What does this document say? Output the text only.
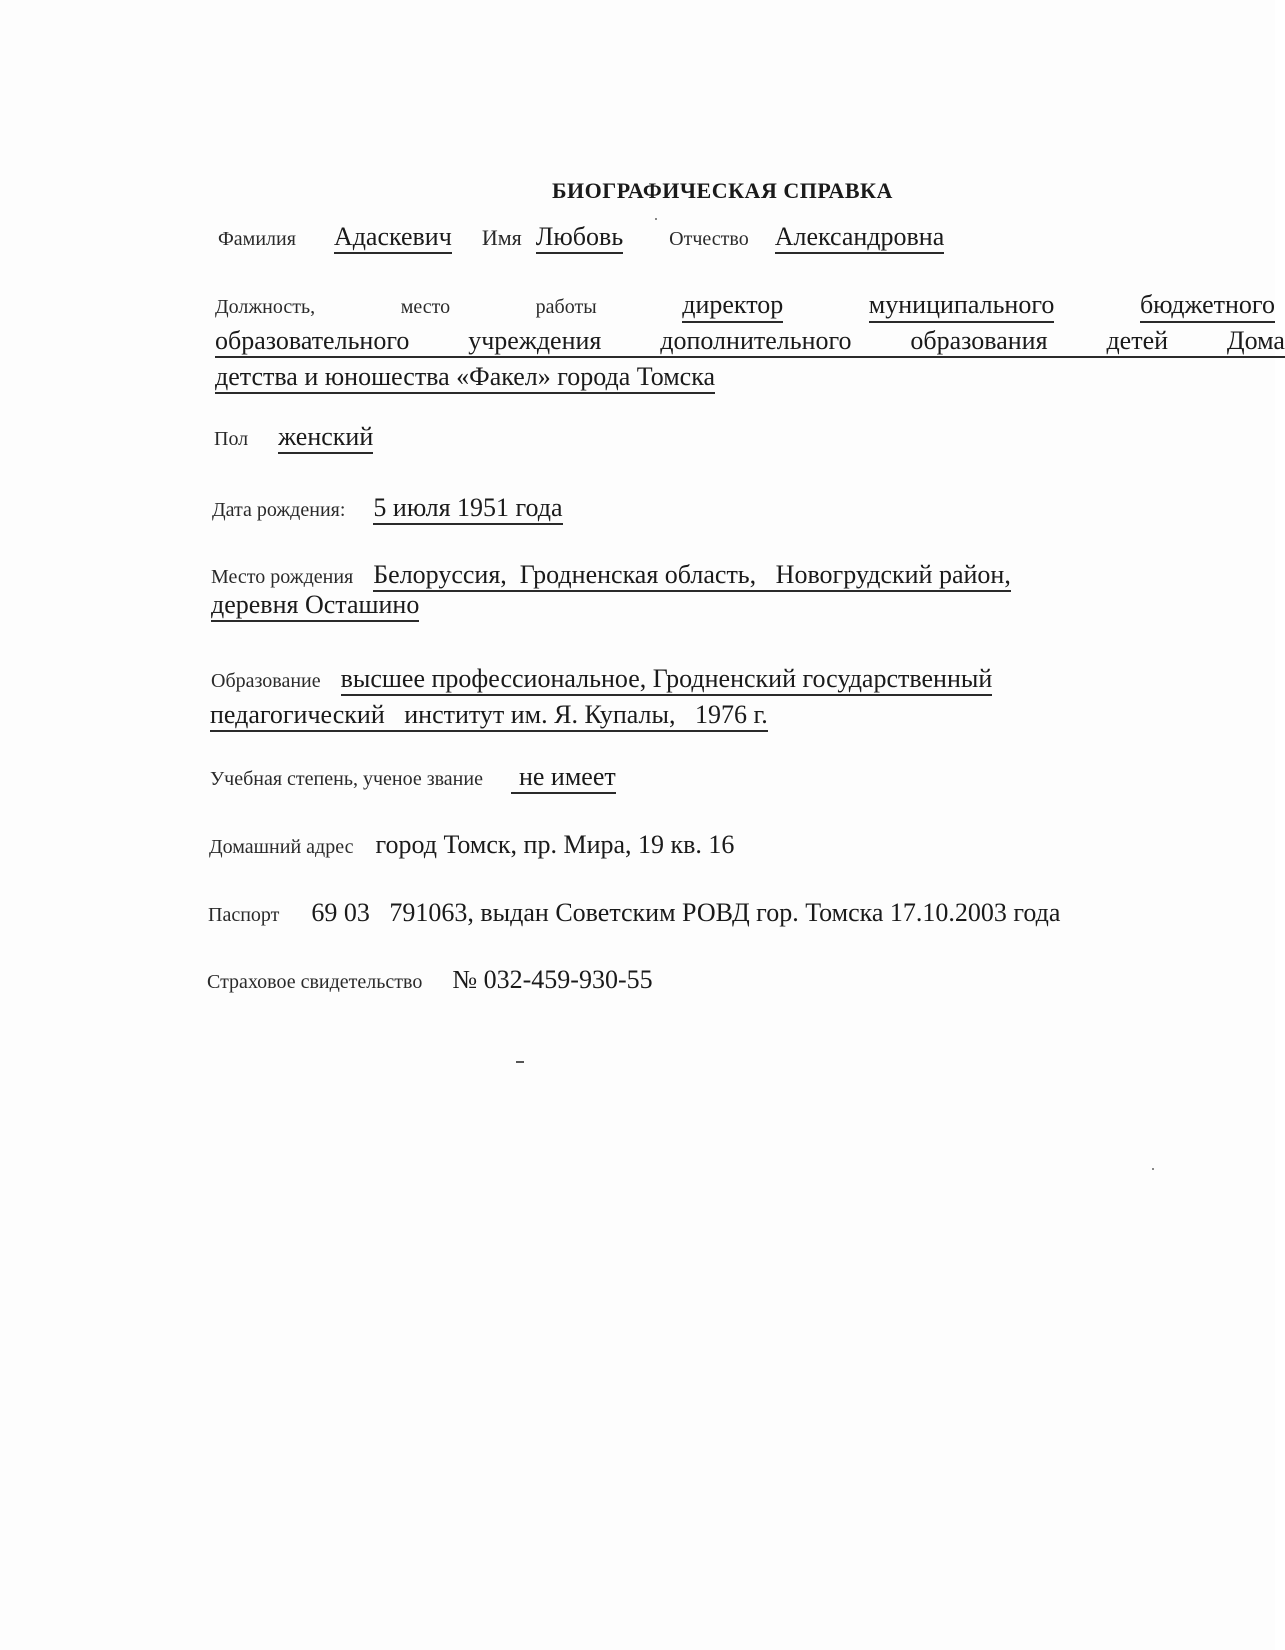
БИОГРАФИЧЕСКАЯ СПРАВКА
Фамилия Адаскевич Имя Любовь Отчество Александровна
Должность,	место	работы	директор	муниципального	бюджетного
образовательного учреждения дополнительного образования детей Дома
детства и юношества «Факел» города Томска
Пол женский
Дата рождения: 5 июля 1951 года
Место рождения Белоруссия,  Гродненская область,   Новогрудский район,
деревня Осташино
Образование высшее профессиональное, Гродненский государственный
педагогический   институт им. Я. Купалы,   1976 г.
Учебная степень, ученое звание не имеет
Домашний адрес город Томск, пр. Мира, 19 кв. 16
Паспорт 69 03   791063, выдан Советским РОВД гор. Томска 17.10.2003 года
Страховое свидетельство № 032-459-930-55
